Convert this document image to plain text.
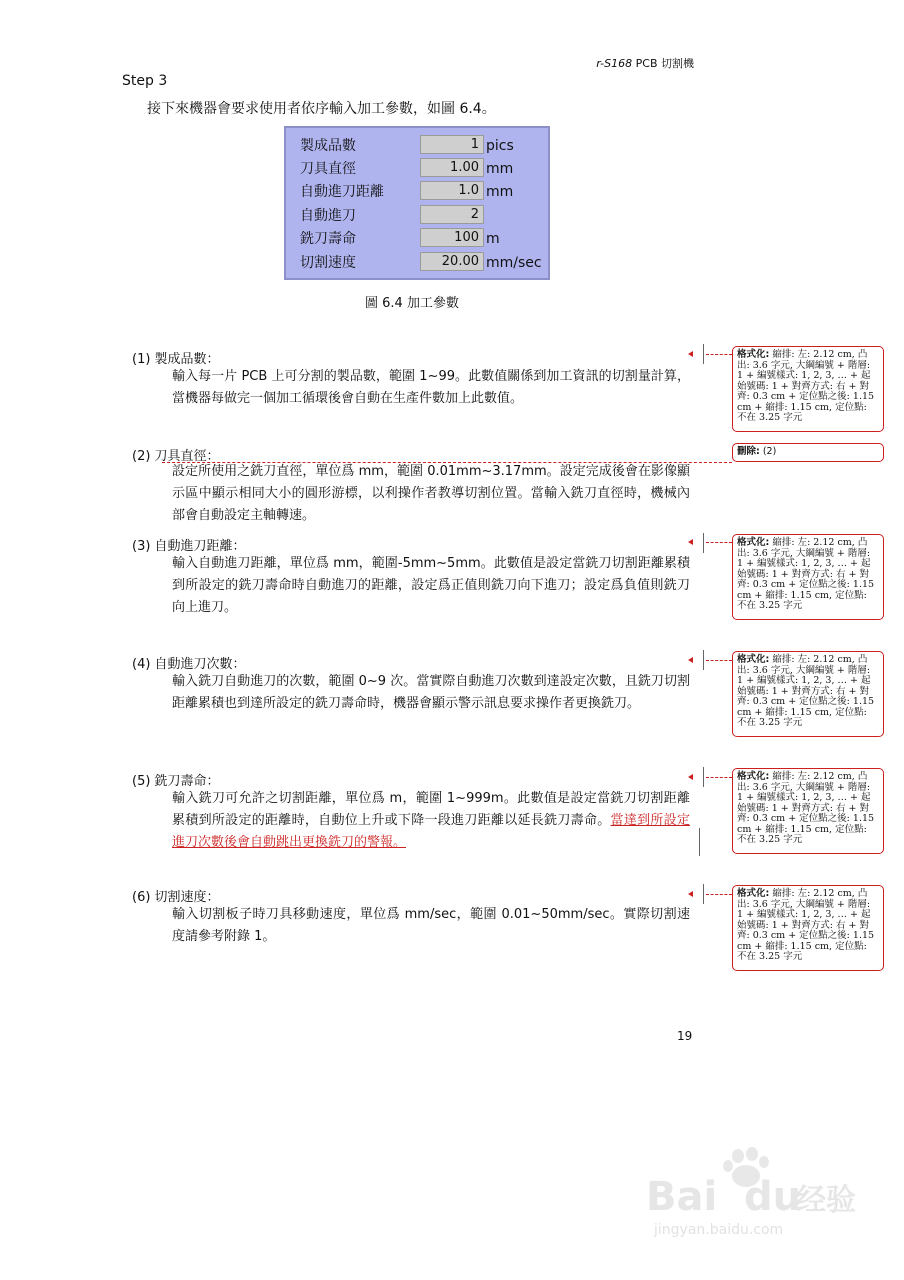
r-S168 PCB 切割機
Step 3
接下來機器會要求使用者依序輸入加工參數，如圖 6.4。
製成品數	1 pics
刀具直徑	1.00 mm
自動進刀距離	1.0 mm
自動進刀	2
銑刀壽命	100 m
切割速度	20.00 mm/sec
圖 6.4 加工參數
(1) 製成品數：
輸入每一片 PCB 上可分割的製品數，範圍 1~99。此數值關係到加工資訊的切割量計算，當機器每做完一個加工循環後會自動在生產件數加上此數值。
(2) 刀具直徑：
設定所使用之銑刀直徑，單位爲 mm，範圍 0.01mm~3.17mm。設定完成後會在影像顯示區中顯示相同大小的圓形游標，以利操作者教導切割位置。當輸入銑刀直徑時，機械內部會自動設定主軸轉速。
(3) 自動進刀距離：
輸入自動進刀距離，單位爲 mm，範圍-5mm~5mm。此數值是設定當銑刀切割距離累積到所設定的銑刀壽命時自動進刀的距離，設定爲正值則銑刀向下進刀；設定爲負值則銑刀向上進刀。
(4) 自動進刀次數：
輸入銑刀自動進刀的次數，範圍 0~9 次。當實際自動進刀次數到達設定次數，且銑刀切割距離累積也到達所設定的銑刀壽命時，機器會顯示警示訊息要求操作者更換銑刀。
(5) 銑刀壽命：
輸入銑刀可允許之切割距離，單位爲 m，範圍 1~999m。此數值是設定當銑刀切割距離累積到所設定的距離時，自動位上升或下降一段進刀距離以延長銑刀壽命。當達到所設定進刀次數後會自動跳出更換銑刀的警報。
(6) 切割速度：
輸入切割板子時刀具移動速度，單位爲 mm/sec，範圍 0.01~50mm/sec。實際切割速度請參考附錄 1。
格式化: 縮排: 左: 2.12 cm, 凸出: 3.6 字元, 大綱編號 + 階層: 1 + 編號樣式: 1, 2, 3, … + 起始號碼: 1 + 對齊方式: 右 + 對齊: 0.3 cm + 定位點之後: 1.15 cm + 縮排: 1.15 cm, 定位點: 不在 3.25 字元
刪除: (2)
格式化: 縮排: 左: 2.12 cm, 凸出: 3.6 字元, 大綱編號 + 階層: 1 + 編號樣式: 1, 2, 3, … + 起始號碼: 1 + 對齊方式: 右 + 對齊: 0.3 cm + 定位點之後: 1.15 cm + 縮排: 1.15 cm, 定位點: 不在 3.25 字元
格式化: 縮排: 左: 2.12 cm, 凸出: 3.6 字元, 大綱編號 + 階層: 1 + 編號樣式: 1, 2, 3, … + 起始號碼: 1 + 對齊方式: 右 + 對齊: 0.3 cm + 定位點之後: 1.15 cm + 縮排: 1.15 cm, 定位點: 不在 3.25 字元
格式化: 縮排: 左: 2.12 cm, 凸出: 3.6 字元, 大綱編號 + 階層: 1 + 編號樣式: 1, 2, 3, … + 起始號碼: 1 + 對齊方式: 右 + 對齊: 0.3 cm + 定位點之後: 1.15 cm + 縮排: 1.15 cm, 定位點: 不在 3.25 字元
格式化: 縮排: 左: 2.12 cm, 凸出: 3.6 字元, 大綱編號 + 階層: 1 + 編號樣式: 1, 2, 3, … + 起始號碼: 1 + 對齊方式: 右 + 對齊: 0.3 cm + 定位點之後: 1.15 cm + 縮排: 1.15 cm, 定位點: 不在 3.25 字元
19
Bai du
经验
jingyan.baidu.com
